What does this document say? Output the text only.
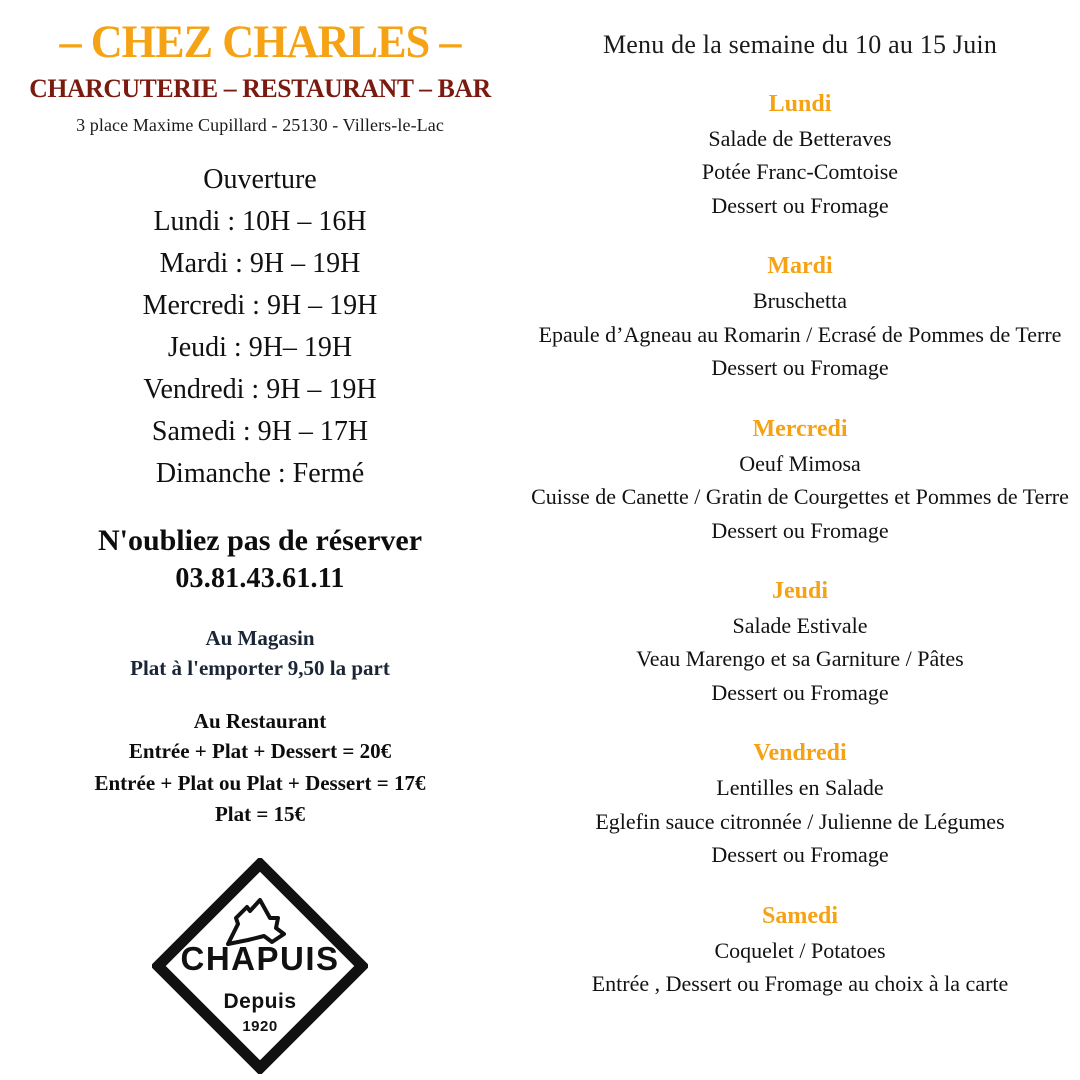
– CHEZ CHARLES –
CHARCUTERIE – RESTAURANT – BAR
3 place Maxime Cupillard - 25130 - Villers-le-Lac
Ouverture
Lundi : 10H – 16H
Mardi : 9H – 19H
Mercredi : 9H – 19H
Jeudi : 9H– 19H
Vendredi : 9H – 19H
Samedi : 9H – 17H
Dimanche : Fermé
N'oubliez pas de réserver
03.81.43.61.11
Au Magasin
Plat à l'emporter 9,50 la part
Au Restaurant
Entrée + Plat + Dessert = 20€
Entrée + Plat ou Plat + Dessert = 17€
Plat = 15€
CHAPUIS
Depuis
1920
Menu de la semaine du 10 au 15 Juin
Lundi
Salade de Betteraves
Potée Franc-Comtoise
Dessert ou Fromage
Mardi
Bruschetta
Epaule d’Agneau au Romarin / Ecrasé de Pommes de Terre
Dessert ou Fromage
Mercredi
Oeuf Mimosa
Cuisse de Canette / Gratin de Courgettes et Pommes de Terre
Dessert ou Fromage
Jeudi
Salade Estivale
Veau Marengo et sa Garniture / Pâtes
Dessert ou Fromage
Vendredi
Lentilles en Salade
Eglefin sauce citronnée / Julienne de Légumes
Dessert ou Fromage
Samedi
Coquelet / Potatoes
Entrée , Dessert ou Fromage au choix à la carte
